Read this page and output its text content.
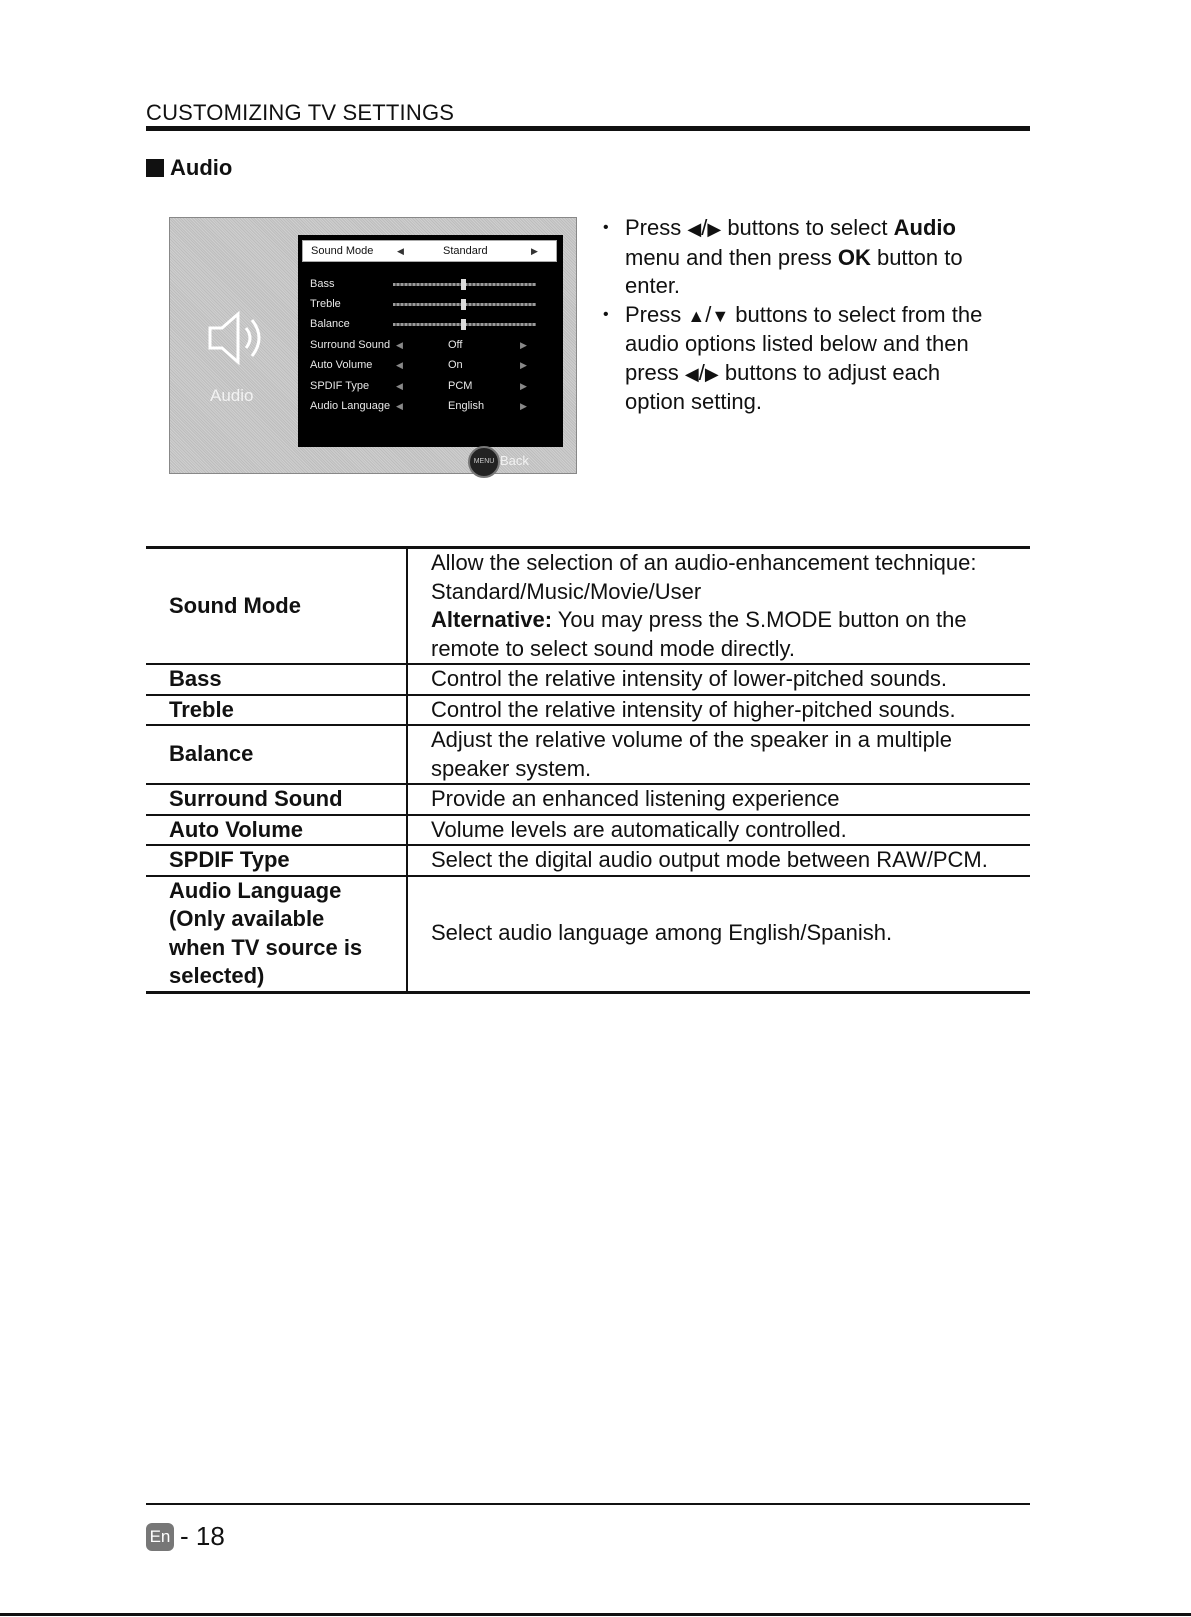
CUSTOMIZING TV SETTINGS
Audio
Audio
Sound Mode	◀	Standard	▶
Bass
Treble
Balance
Surround Sound ◀	Off	▶
Auto Volume	◀	On	▶
SPDIF Type	◀	PCM	▶
Audio Language ◀	English	▶
MENU Back
• Press ◀/▶ buttons to select Audio
menu and then press OK button to
enter.
• Press ▲/▼ buttons to select from the
audio options listed below and then
press ◀/▶ buttons to adjust each
option setting.
Sound Mode	Allow the selection of an audio-enhancement technique:
Standard/Music/Movie/User
Alternative: You may press the S.MODE button on the
remote to select sound mode directly.
Bass	Control the relative intensity of lower-pitched sounds.
Treble	Control the relative intensity of higher-pitched sounds.
Balance	Adjust the relative volume of the speaker in a multiple
speaker system.
Surround Sound	Provide an enhanced listening experience
Auto Volume	Volume levels are automatically controlled.
SPDIF Type	Select the digital audio output mode between RAW/PCM.
Audio Language
(Only available
when TV source is
selected)	Select audio language among English/Spanish.
En - 18
